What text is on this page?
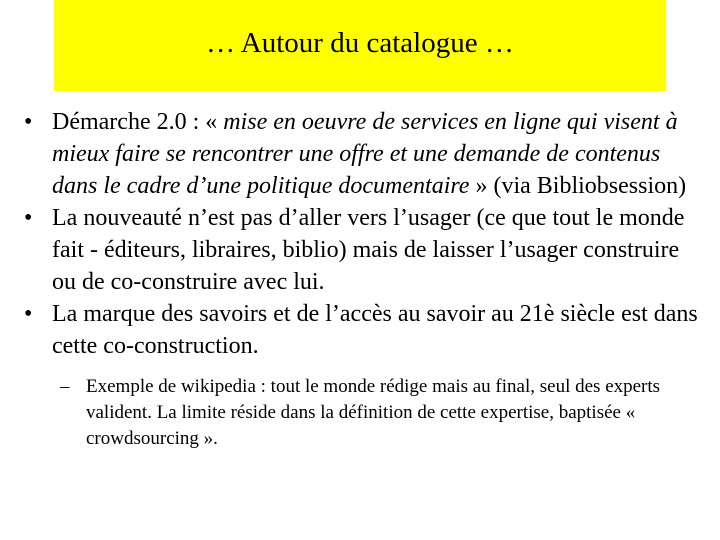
… Autour du catalogue …
• Démarche 2.0 : « mise en oeuvre de services en ligne qui visent à mieux faire se rencontrer une offre et une demande de contenus dans le cadre d’une politique documentaire » (via Bibliobsession)
• La nouveauté n’est pas d’aller vers l’usager (ce que tout le monde fait - éditeurs, libraires, biblio) mais de laisser l’usager construire ou de co-construire avec lui.
• La marque des savoirs et de l’accès au savoir au 21è siècle est dans cette co-construction.
– Exemple de wikipedia : tout le monde rédige mais au final, seul des experts valident. La limite réside dans la définition de cette expertise, baptisée « crowdsourcing ».
